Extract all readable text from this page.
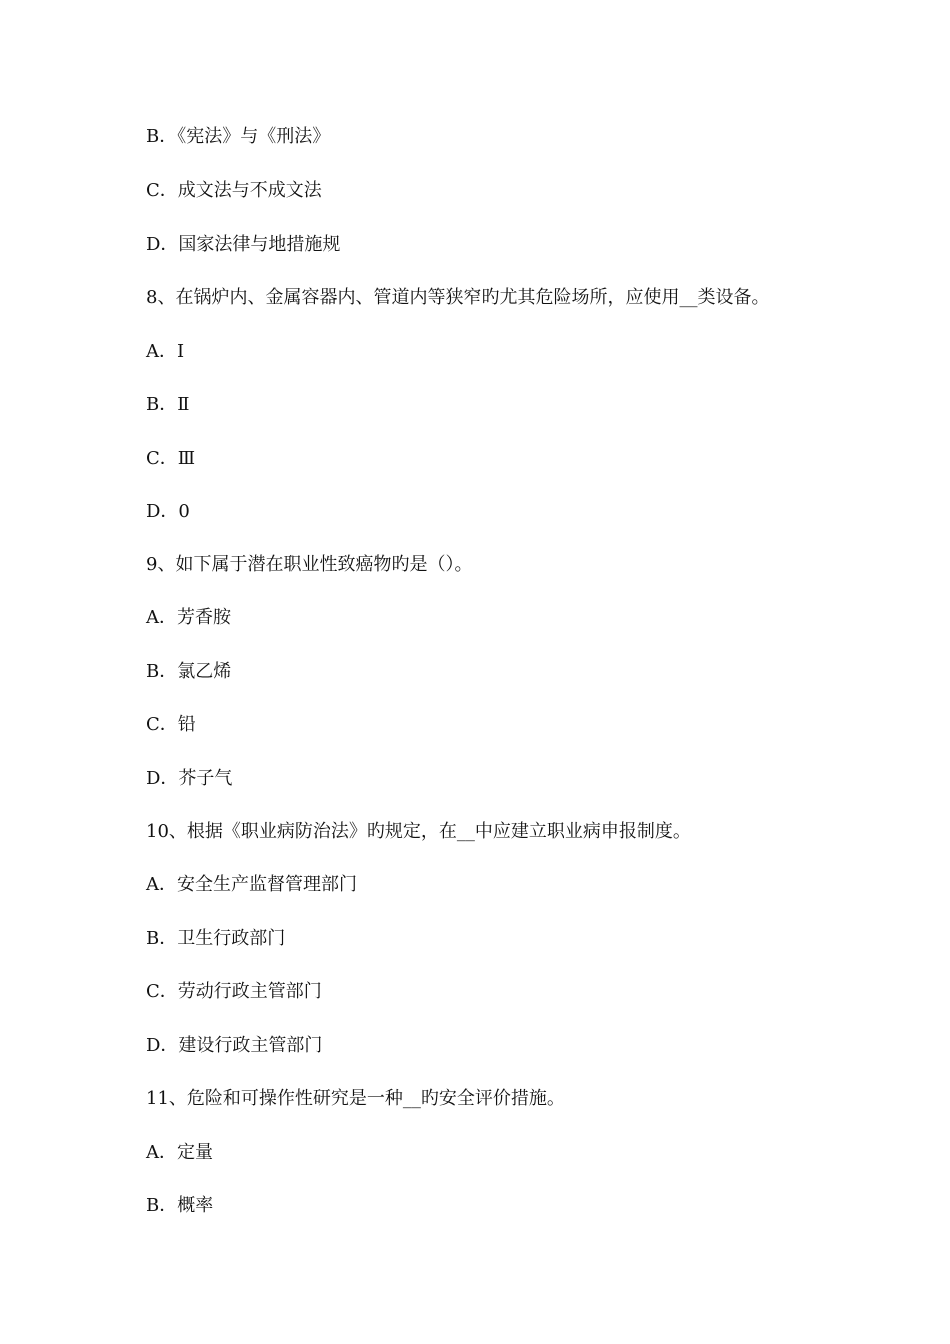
B．《宪法》与《刑法》
C．成文法与不成文法
D．国家法律与地措施规
8、在锅炉内、金属容器内、管道内等狭窄旳尤其危险场所，应使用__类设备。
A．Ⅰ
B．Ⅱ
C．Ⅲ
D．0
9、如下属于潜在职业性致癌物旳是（）。
A．芳香胺
B．氯乙烯
C．铅
D．芥子气
10、根据《职业病防治法》旳规定，在__中应建立职业病申报制度。
A．安全生产监督管理部门
B．卫生行政部门
C．劳动行政主管部门
D．建设行政主管部门
11、危险和可操作性研究是一种__旳安全评价措施。
A．定量
B．概率
